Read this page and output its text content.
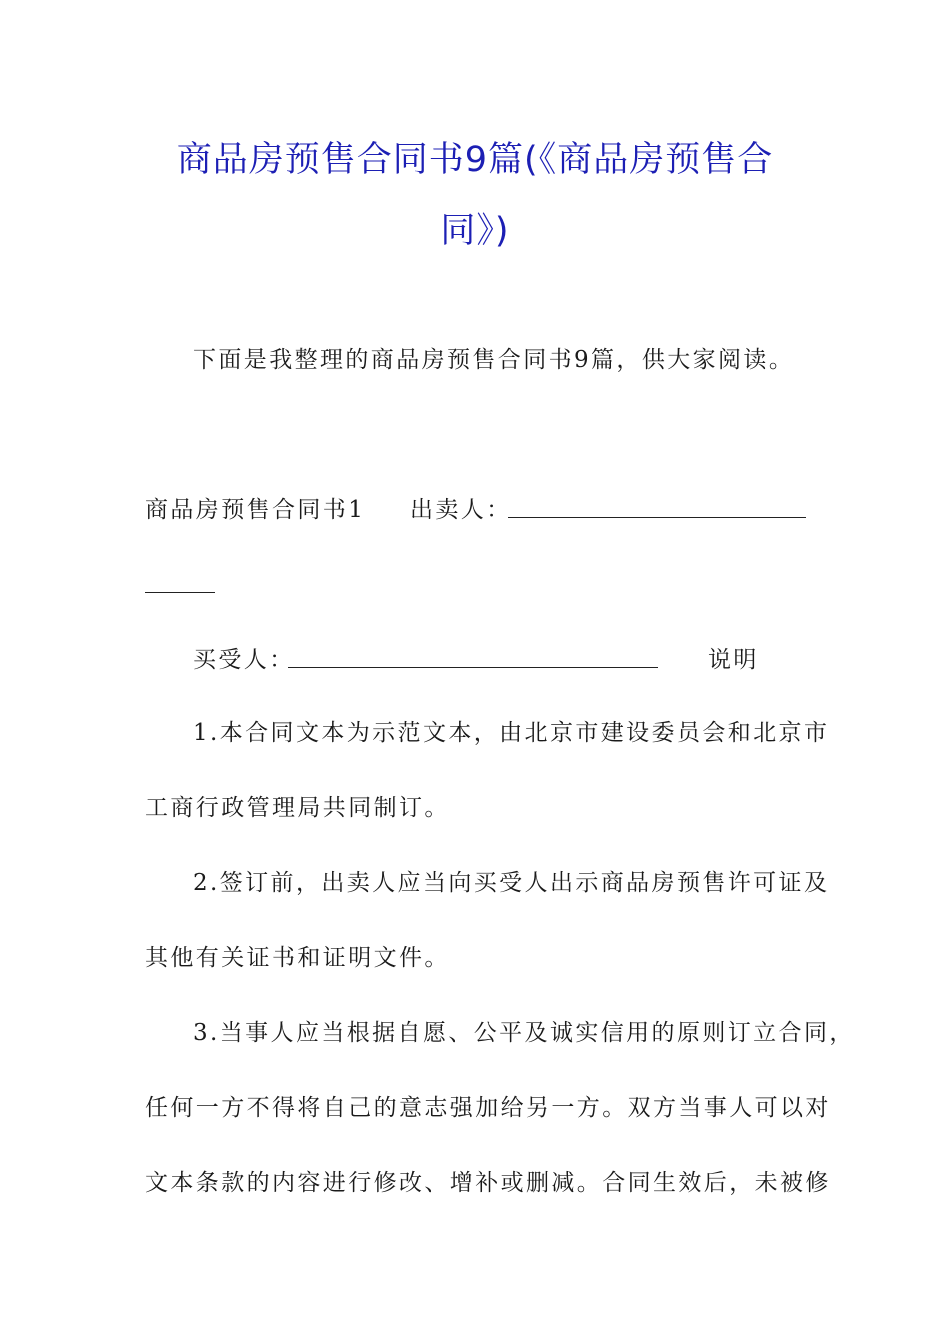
商品房预售合同书9篇(《商品房预售合
同》)
下面是我整理的商品房预售合同书9篇，供大家阅读。
商品房预售合同书1 出卖人：
买受人：	说明
1.本合同文本为示范文本，由北京市建设委员会和北京市
工商行政管理局共同制订。
2.签订前，出卖人应当向买受人出示商品房预售许可证及
其他有关证书和证明文件。
3.当事人应当根据自愿、公平及诚实信用的原则订立合同，
任何一方不得将自己的意志强加给另一方。双方当事人可以对
文本条款的内容进行修改、增补或删减。合同生效后，未被修
